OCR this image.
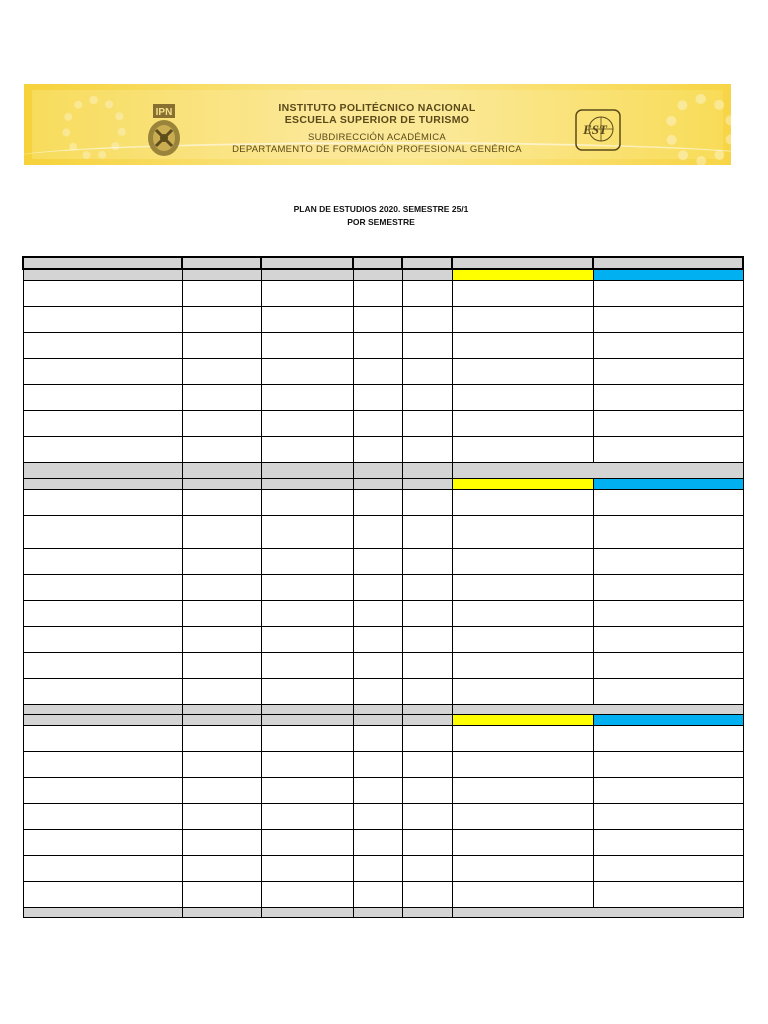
IPN	INSTITUTO POLITÉCNICO NACIONAL
ESCUELA SUPERIOR DE TURISMO
SUBDIRECCIÓN ACADÉMICA
DEPARTAMENTO DE FORMACIÓN PROFESIONAL GENÉRICA
EST
PLAN DE ESTUDIOS 2020. SEMESTRE 25/1
POR SEMESTRE
